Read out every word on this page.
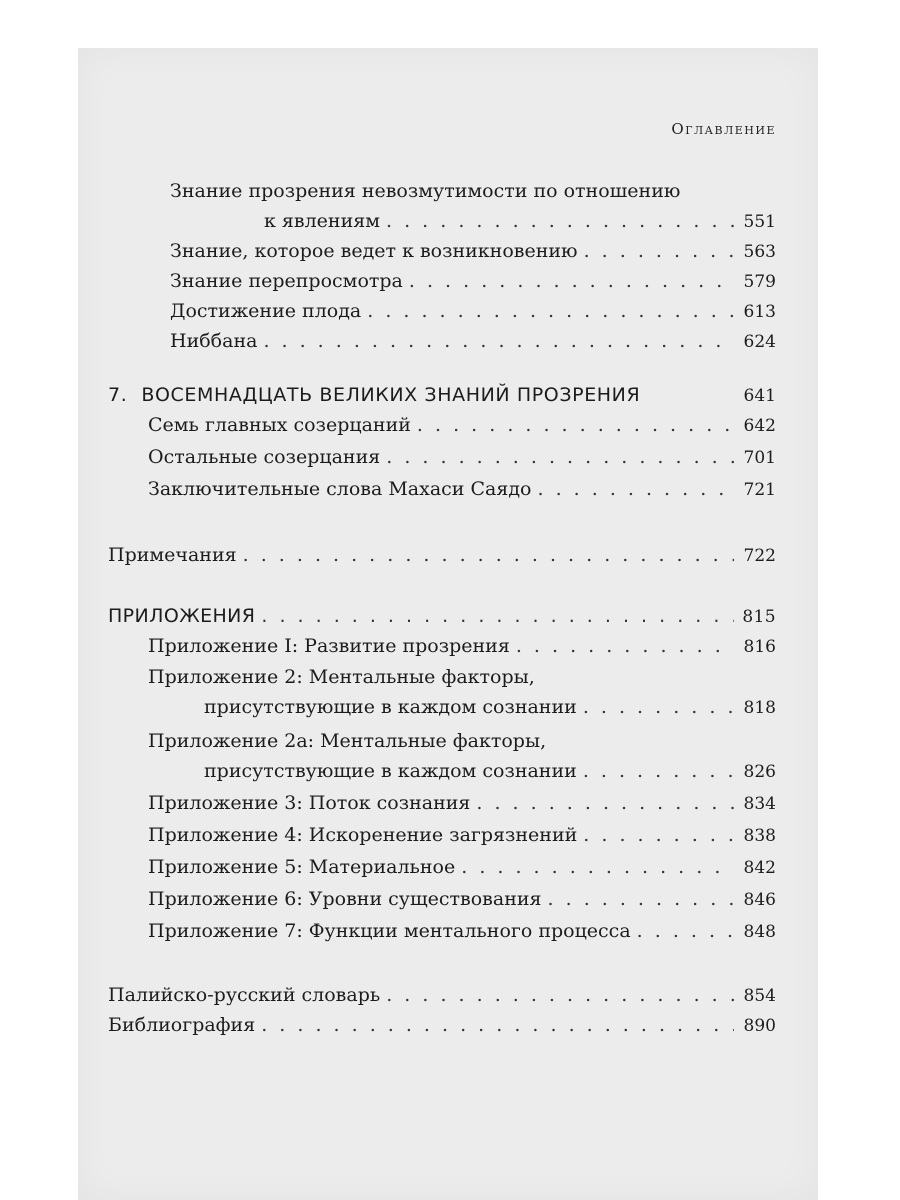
Оглавление
Знание прозрения невозмутимости по отношению
к явлениям . . .	551
Знание, которое ведет к возникновению . . .	563
Знание перепросмотра . . .	579
Достижение плода . . .	613
Ниббана . . .	624
7. ВОСЕМНАДЦАТЬ ВЕЛИКИХ ЗНАНИЙ ПРОЗРЕНИЯ	641
Семь главных созерцаний . . .	642
Остальные созерцания . . .	701
Заключительные слова Махаси Саядо . . .	721
Примечания . . .	722
ПРИЛОЖЕНИЯ . . .	815
Приложение I: Развитие прозрения . . .	816
Приложение 2: Ментальные факторы,
присутствующие в каждом сознании . . .	818
Приложение 2а: Ментальные факторы,
присутствующие в каждом сознании . . .	826
Приложение 3: Поток сознания . . .	834
Приложение 4: Искоренение загрязнений . . .	838
Приложение 5: Материальное . . .	842
Приложение 6: Уровни существования . . .	846
Приложение 7: Функции ментального процесса . . .	848
Палийско-русский словарь . . .	854
Библиография . . .	890
